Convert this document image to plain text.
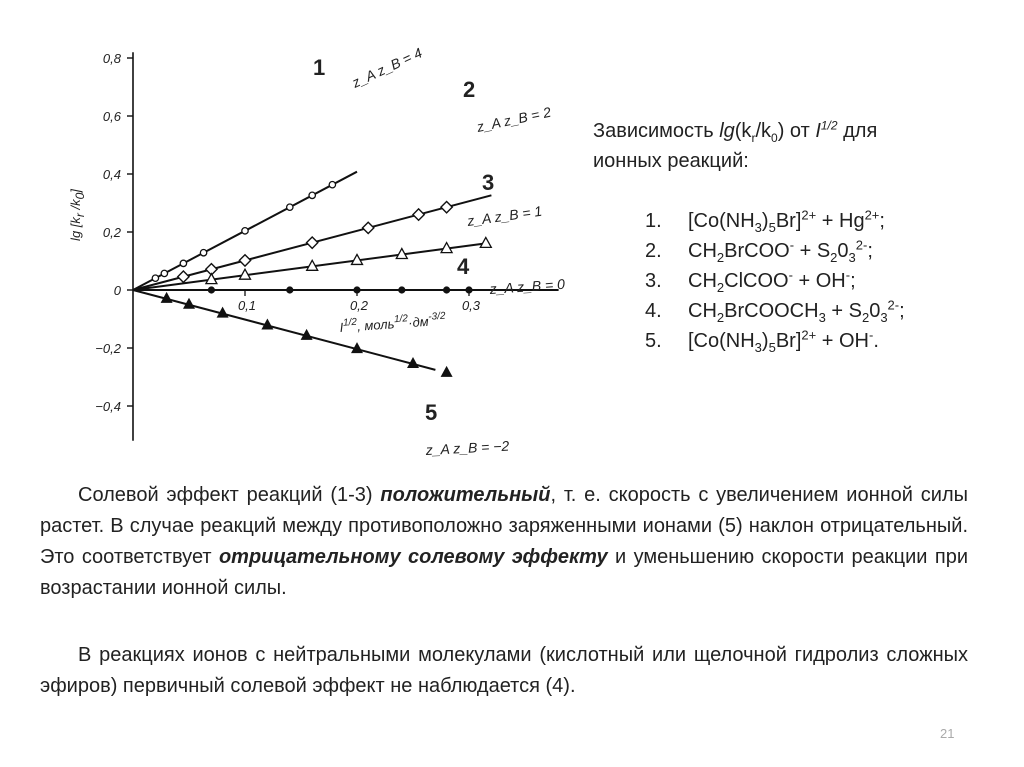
0,8
0,6
0,4
0,2
0
−0,2
−0,4
lg [kr /k0]
0,1	0,2	0,3
$I^{1/2}$, $моль^{1/2}\cdot дм^{-3/2}$
z_A z_B = 4
1
z_A z_B = 2
2
z_A z_B = 1
3
z_A z_B = 0
4
z_A z_B = −2
5
Зависимость $\lg(k_r/k_0)$ от $I^{1/2}$ для
ионных реакций:
1. $[Co(NH_3)_5Br]^{2+} + Hg^{2+}$;
2. $CH_2BrCOO^- + S_20_3^{2-}$;
3. $CH_2ClCOO^- + OH^-$;
4. $CH_2BrCOOCH_3 + S_20_3^{2-}$;
5. $[Co(NH_3)_5Br]^{2+} + OH^-$.

Солевой эффект реакций (1-3) положительный, т. е. скорость с увеличением ионной силы растет. В случае реакций между противоположно заряженными ионами (5) наклон отрицательный. Это соответствует отрицательному солевому эффекту и уменьшению скорости реакции при возрастании ионной силы.

В реакциях ионов с нейтральными молекулами (кислотный или щелочной гидролиз сложных эфиров) первичный солевой эффект не наблюдается (4).

21
